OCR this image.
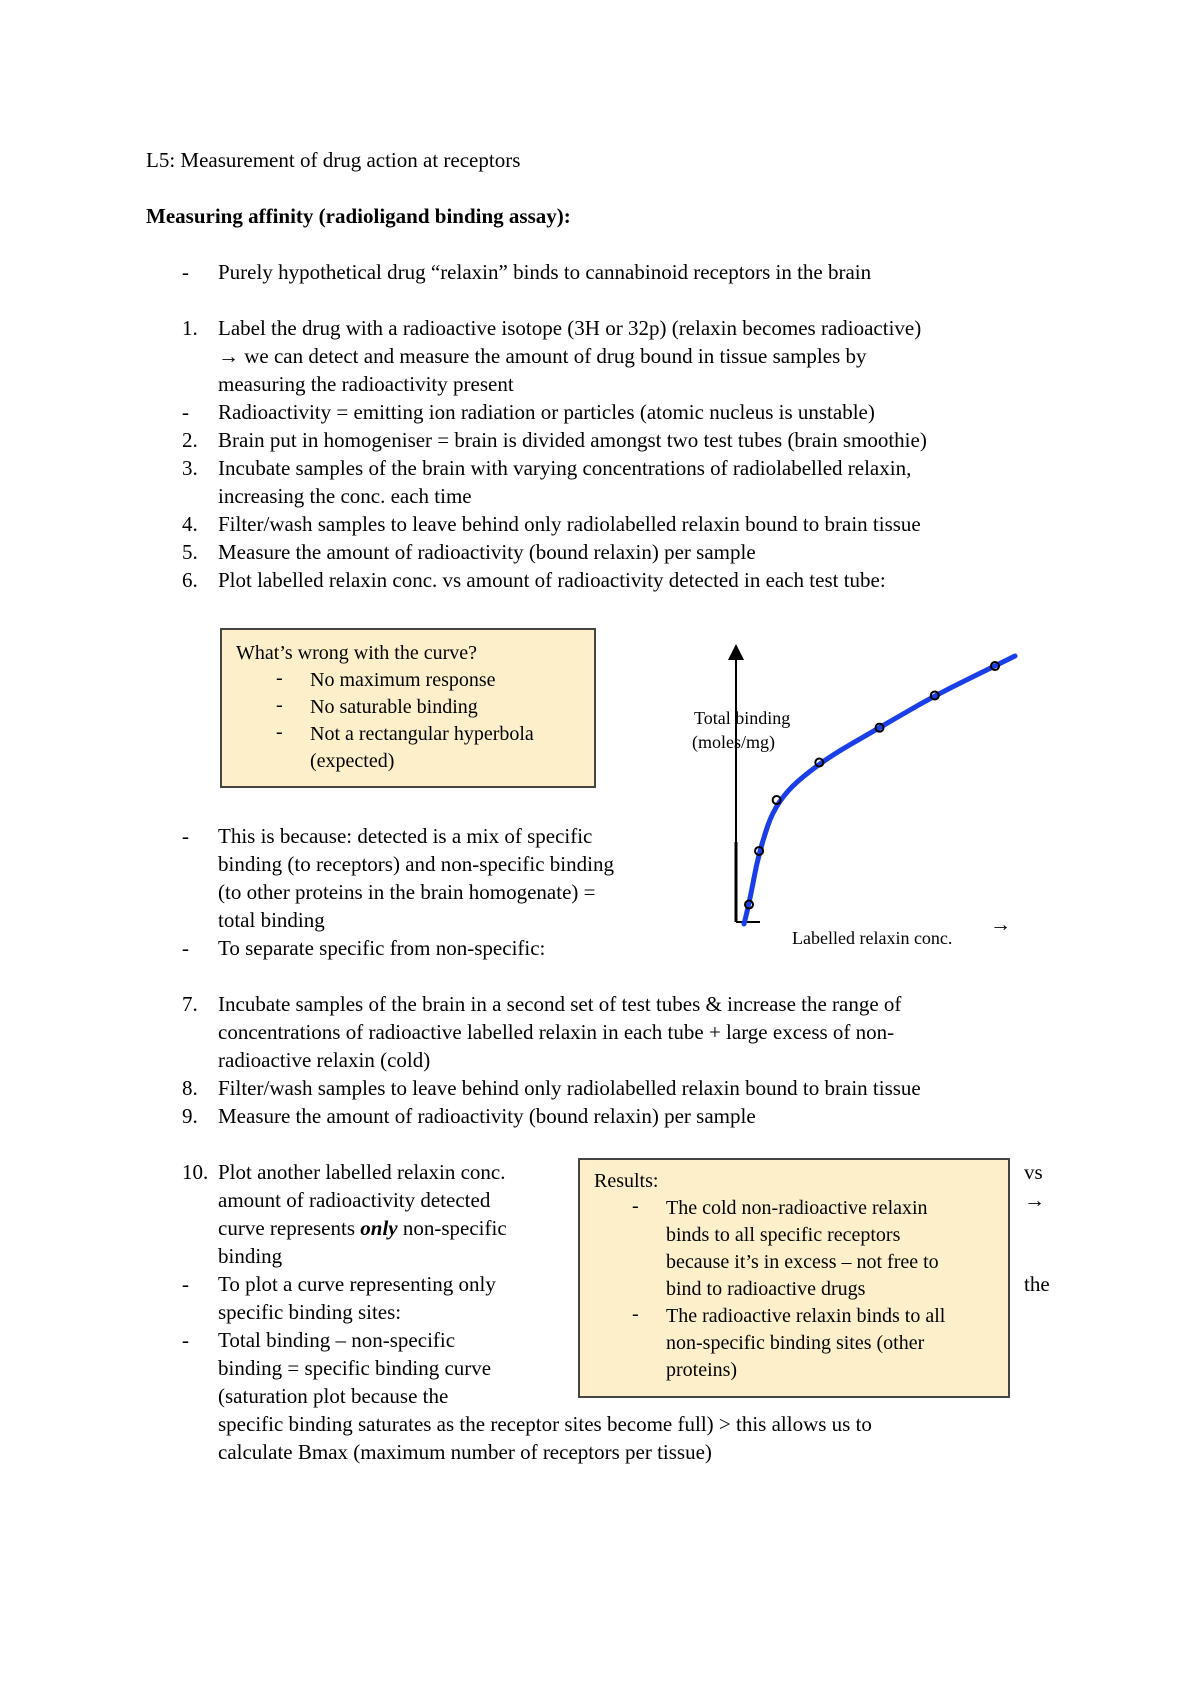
L5: Measurement of drug action at receptors
Measuring affinity (radioligand binding assay):
- Purely hypothetical drug “relaxin” binds to cannabinoid receptors in the brain
1. Label the drug with a radioactive isotope (3H or 32p) (relaxin becomes radioactive)
→ we can detect and measure the amount of drug bound in tissue samples by
measuring the radioactivity present
- Radioactivity = emitting ion radiation or particles (atomic nucleus is unstable)
2. Brain put in homogeniser = brain is divided amongst two test tubes (brain smoothie)
3. Incubate samples of the brain with varying concentrations of radiolabelled relaxin,
increasing the conc. each time
4. Filter/wash samples to leave behind only radiolabelled relaxin bound to brain tissue
5. Measure the amount of radioactivity (bound relaxin) per sample
6. Plot labelled relaxin conc. vs amount of radioactivity detected in each test tube:
What’s wrong with the curve?
- No maximum response
- No saturable binding
- Not a rectangular hyperbola
(expected)
Total binding
(moles/mg)
Labelled relaxin conc.
→
- This is because: detected is a mix of specific
binding (to receptors) and non-specific binding
(to other proteins in the brain homogenate) =
total binding
- To separate specific from non-specific:
7. Incubate samples of the brain in a second set of test tubes & increase the range of
concentrations of radioactive labelled relaxin in each tube + large excess of non-
radioactive relaxin (cold)
8. Filter/wash samples to leave behind only radiolabelled relaxin bound to brain tissue
9. Measure the amount of radioactivity (bound relaxin) per sample
10. Plot another labelled relaxin conc.	vs
amount of radioactivity detected	→
curve represents only non-specific
binding
- To plot a curve representing only	the
specific binding sites:
- Total binding – non-specific
binding = specific binding curve
(saturation plot because the
specific binding saturates as the receptor sites become full) > this allows us to
calculate Bmax (maximum number of receptors per tissue)
Results:
- The cold non-radioactive relaxin
binds to all specific receptors
because it’s in excess – not free to
bind to radioactive drugs
- The radioactive relaxin binds to all
non-specific binding sites (other
proteins)
